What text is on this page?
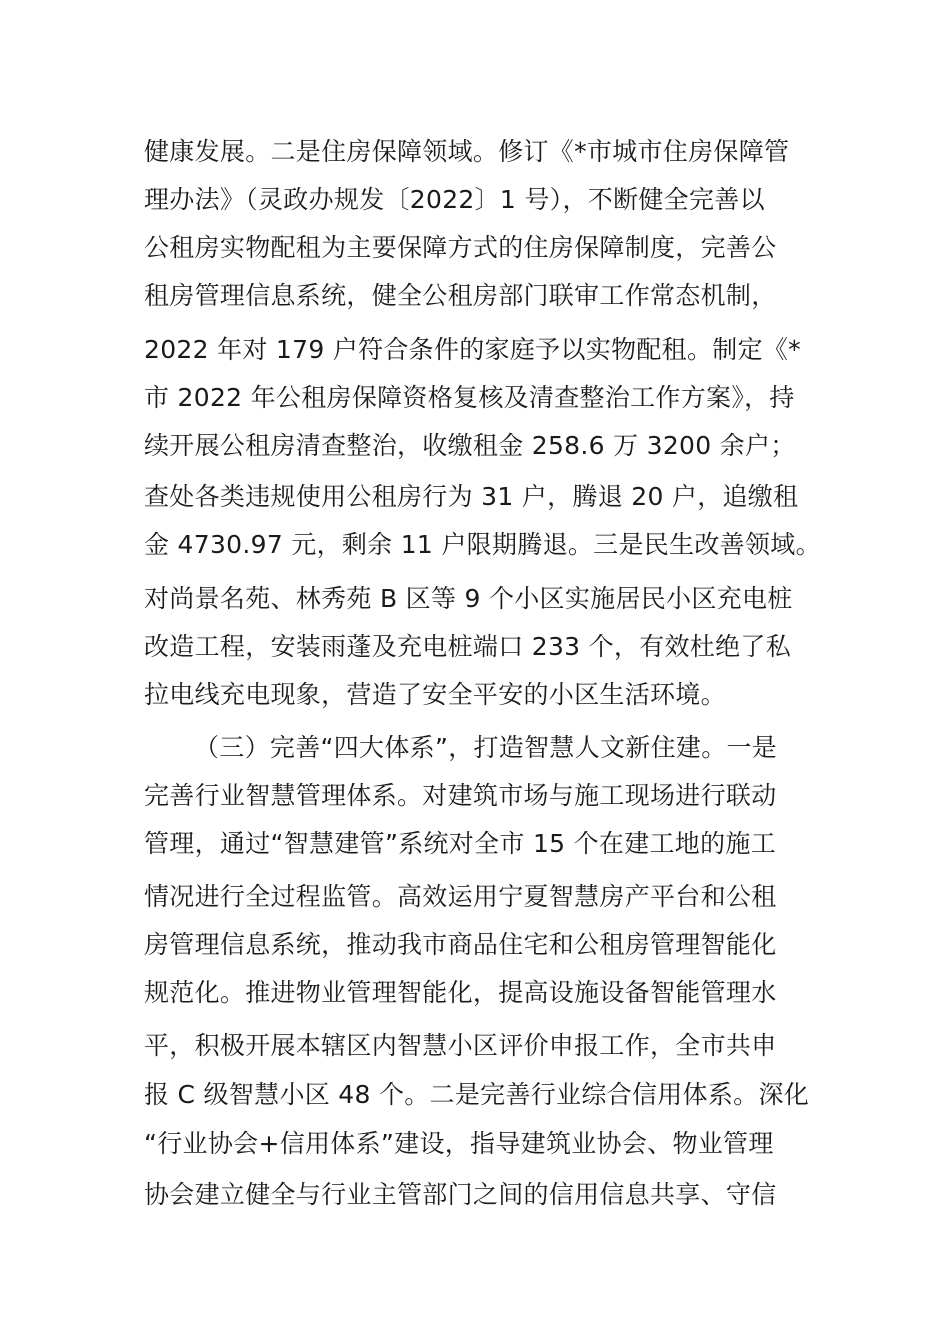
健康发展。二是住房保障领域。修订《*市城市住房保障管
理办法》（灵政办规发〔2022〕1 号），不断健全完善以
公租房实物配租为主要保障方式的住房保障制度，完善公
租房管理信息系统，健全公租房部门联审工作常态机制，
2022 年对 179 户符合条件的家庭予以实物配租。制定《*
市 2022 年公租房保障资格复核及清查整治工作方案》，持
续开展公租房清查整治，收缴租金 258.6 万 3200 余户；
查处各类违规使用公租房行为 31 户，腾退 20 户，追缴租
金 4730.97 元，剩余 11 户限期腾退。三是民生改善领域。
对尚景名苑、林秀苑 B 区等 9 个小区实施居民小区充电桩
改造工程，安装雨蓬及充电桩端口 233 个，有效杜绝了私
拉电线充电现象，营造了安全平安的小区生活环境。
（三）完善“四大体系”，打造智慧人文新住建。一是
完善行业智慧管理体系。对建筑市场与施工现场进行联动
管理，通过“智慧建管”系统对全市 15 个在建工地的施工
情况进行全过程监管。高效运用宁夏智慧房产平台和公租
房管理信息系统，推动我市商品住宅和公租房管理智能化
规范化。推进物业管理智能化，提高设施设备智能管理水
平，积极开展本辖区内智慧小区评价申报工作，全市共申
报 C 级智慧小区 48 个。二是完善行业综合信用体系。深化
“行业协会+信用体系”建设，指导建筑业协会、物业管理
协会建立健全与行业主管部门之间的信用信息共享、守信
